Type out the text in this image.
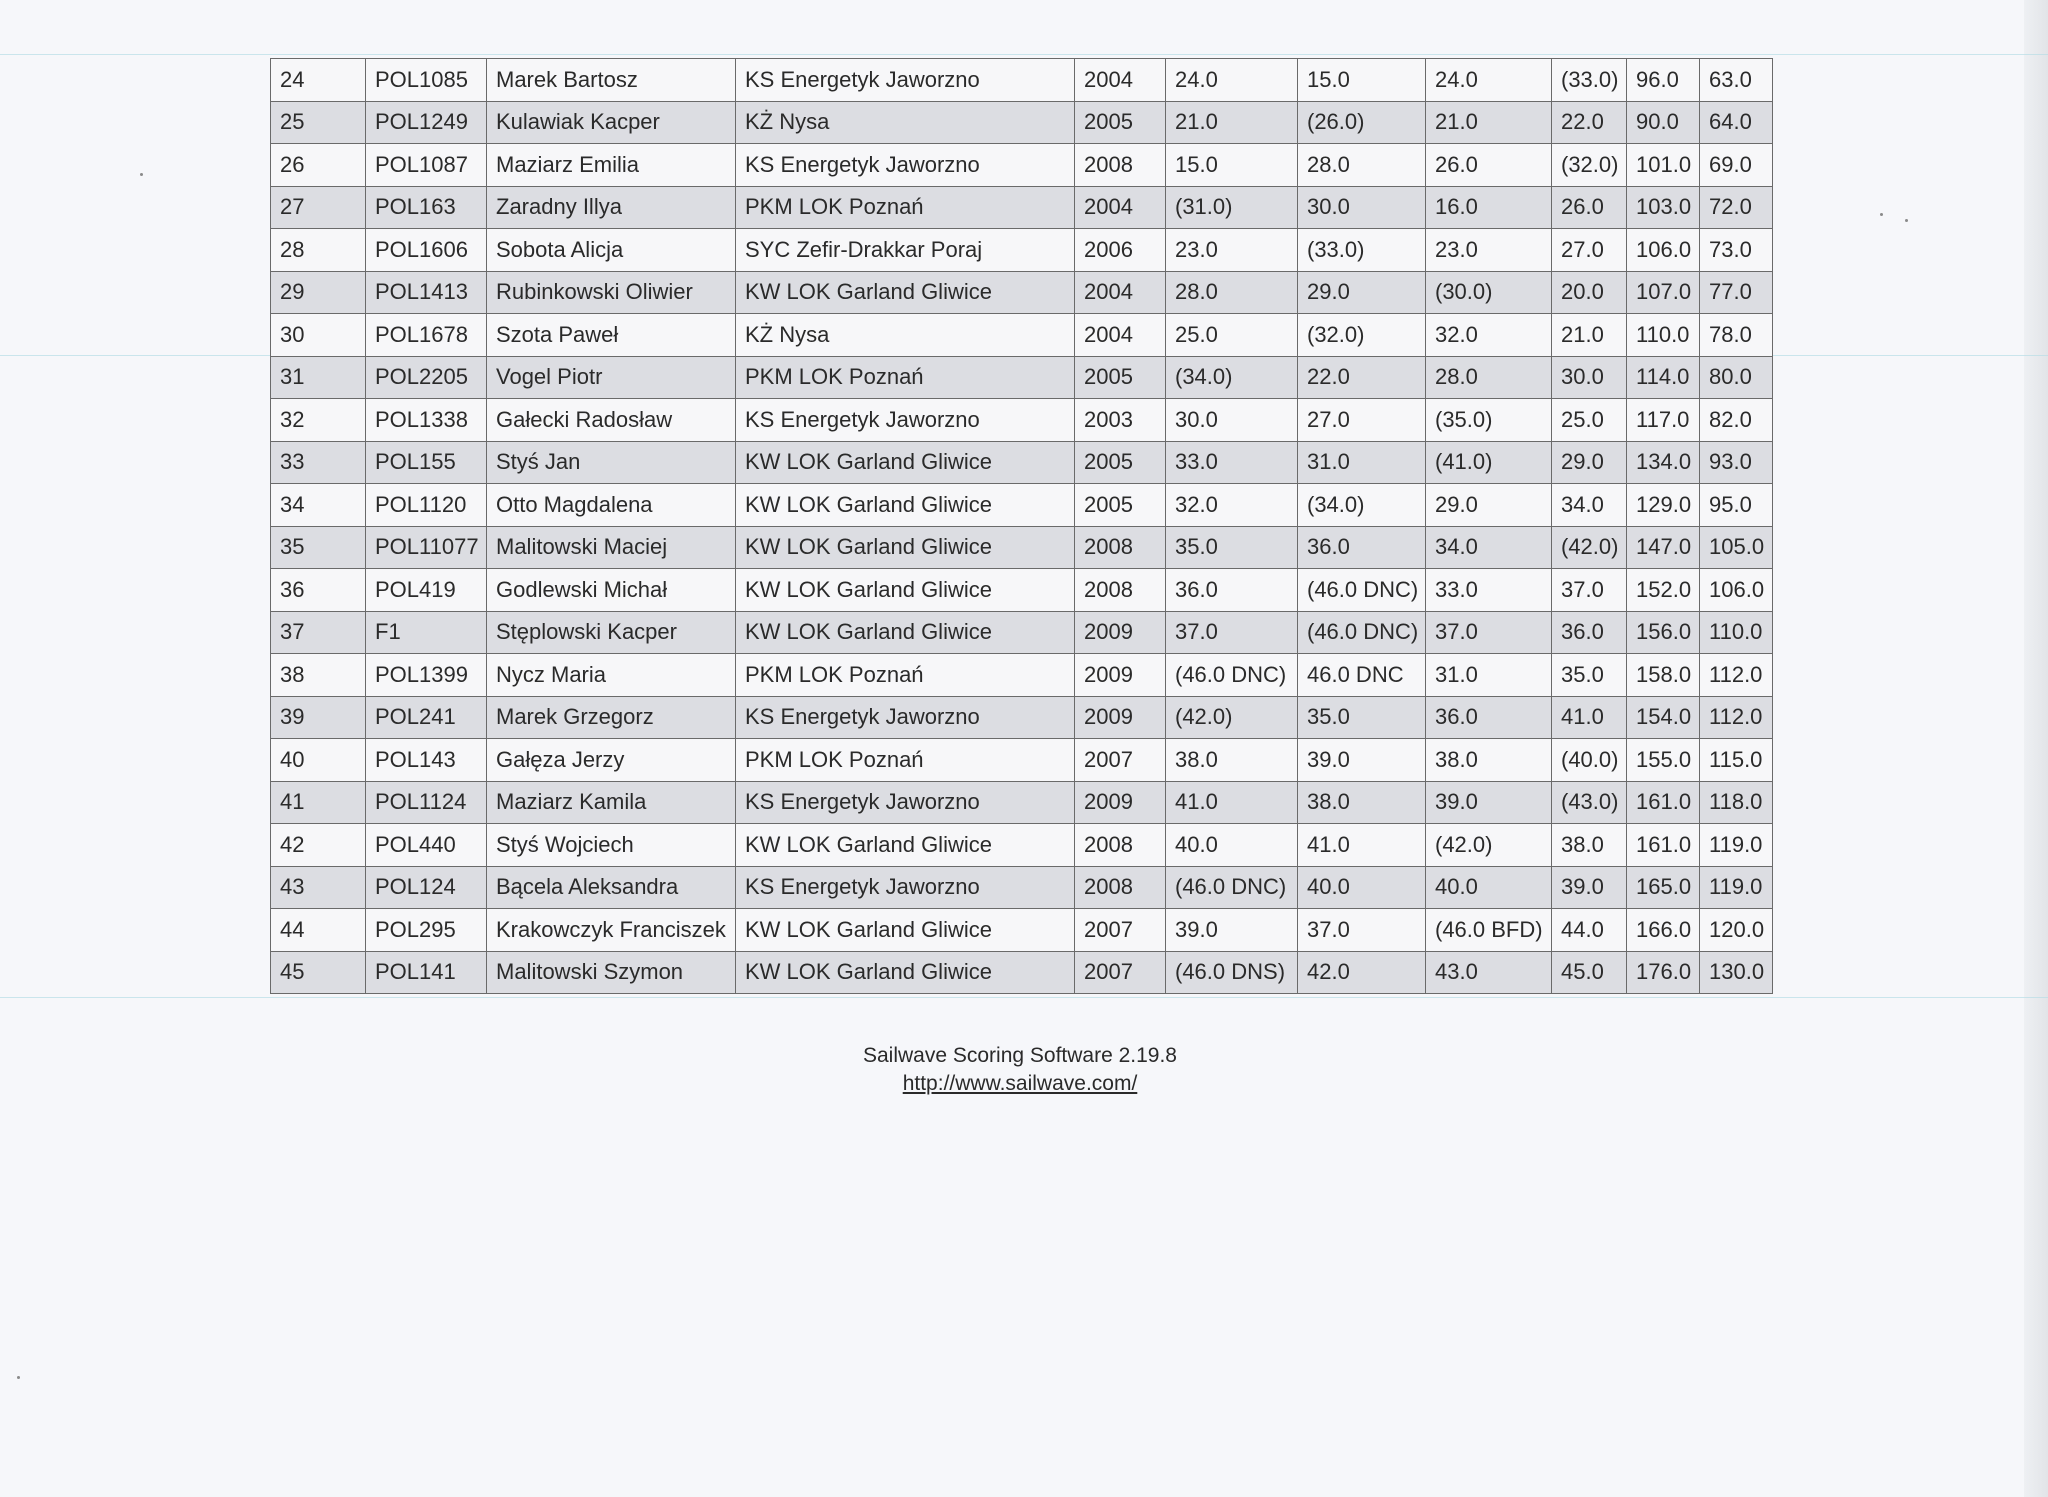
24	POL1085	Marek Bartosz	KS Energetyk Jaworzno	2004	24.0	15.0	24.0	(33.0)	96.0	63.0
25	POL1249	Kulawiak Kacper	KŻ Nysa	2005	21.0	(26.0)	21.0	22.0	90.0	64.0
26	POL1087	Maziarz Emilia	KS Energetyk Jaworzno	2008	15.0	28.0	26.0	(32.0)	101.0	69.0
27	POL163	Zaradny Illya	PKM LOK Poznań	2004	(31.0)	30.0	16.0	26.0	103.0	72.0
28	POL1606	Sobota Alicja	SYC Zefir-Drakkar Poraj	2006	23.0	(33.0)	23.0	27.0	106.0	73.0
29	POL1413	Rubinkowski Oliwier	KW LOK Garland Gliwice	2004	28.0	29.0	(30.0)	20.0	107.0	77.0
30	POL1678	Szota Paweł	KŻ Nysa	2004	25.0	(32.0)	32.0	21.0	110.0	78.0
31	POL2205	Vogel Piotr	PKM LOK Poznań	2005	(34.0)	22.0	28.0	30.0	114.0	80.0
32	POL1338	Gałecki Radosław	KS Energetyk Jaworzno	2003	30.0	27.0	(35.0)	25.0	117.0	82.0
33	POL155	Styś Jan	KW LOK Garland Gliwice	2005	33.0	31.0	(41.0)	29.0	134.0	93.0
34	POL1120	Otto Magdalena	KW LOK Garland Gliwice	2005	32.0	(34.0)	29.0	34.0	129.0	95.0
35	POL11077	Malitowski Maciej	KW LOK Garland Gliwice	2008	35.0	36.0	34.0	(42.0)	147.0	105.0
36	POL419	Godlewski Michał	KW LOK Garland Gliwice	2008	36.0	(46.0 DNC)	33.0	37.0	152.0	106.0
37	F1	Stęplowski Kacper	KW LOK Garland Gliwice	2009	37.0	(46.0 DNC)	37.0	36.0	156.0	110.0
38	POL1399	Nycz Maria	PKM LOK Poznań	2009	(46.0 DNC)	46.0 DNC	31.0	35.0	158.0	112.0
39	POL241	Marek Grzegorz	KS Energetyk Jaworzno	2009	(42.0)	35.0	36.0	41.0	154.0	112.0
40	POL143	Gałęza Jerzy	PKM LOK Poznań	2007	38.0	39.0	38.0	(40.0)	155.0	115.0
41	POL1124	Maziarz Kamila	KS Energetyk Jaworzno	2009	41.0	38.0	39.0	(43.0)	161.0	118.0
42	POL440	Styś Wojciech	KW LOK Garland Gliwice	2008	40.0	41.0	(42.0)	38.0	161.0	119.0
43	POL124	Bącela Aleksandra	KS Energetyk Jaworzno	2008	(46.0 DNC)	40.0	40.0	39.0	165.0	119.0
44	POL295	Krakowczyk Franciszek	KW LOK Garland Gliwice	2007	39.0	37.0	(46.0 BFD)	44.0	166.0	120.0
45	POL141	Malitowski Szymon	KW LOK Garland Gliwice	2007	(46.0 DNS)	42.0	43.0	45.0	176.0	130.0
Sailwave Scoring Software 2.19.8
http://www.sailwave.com/
